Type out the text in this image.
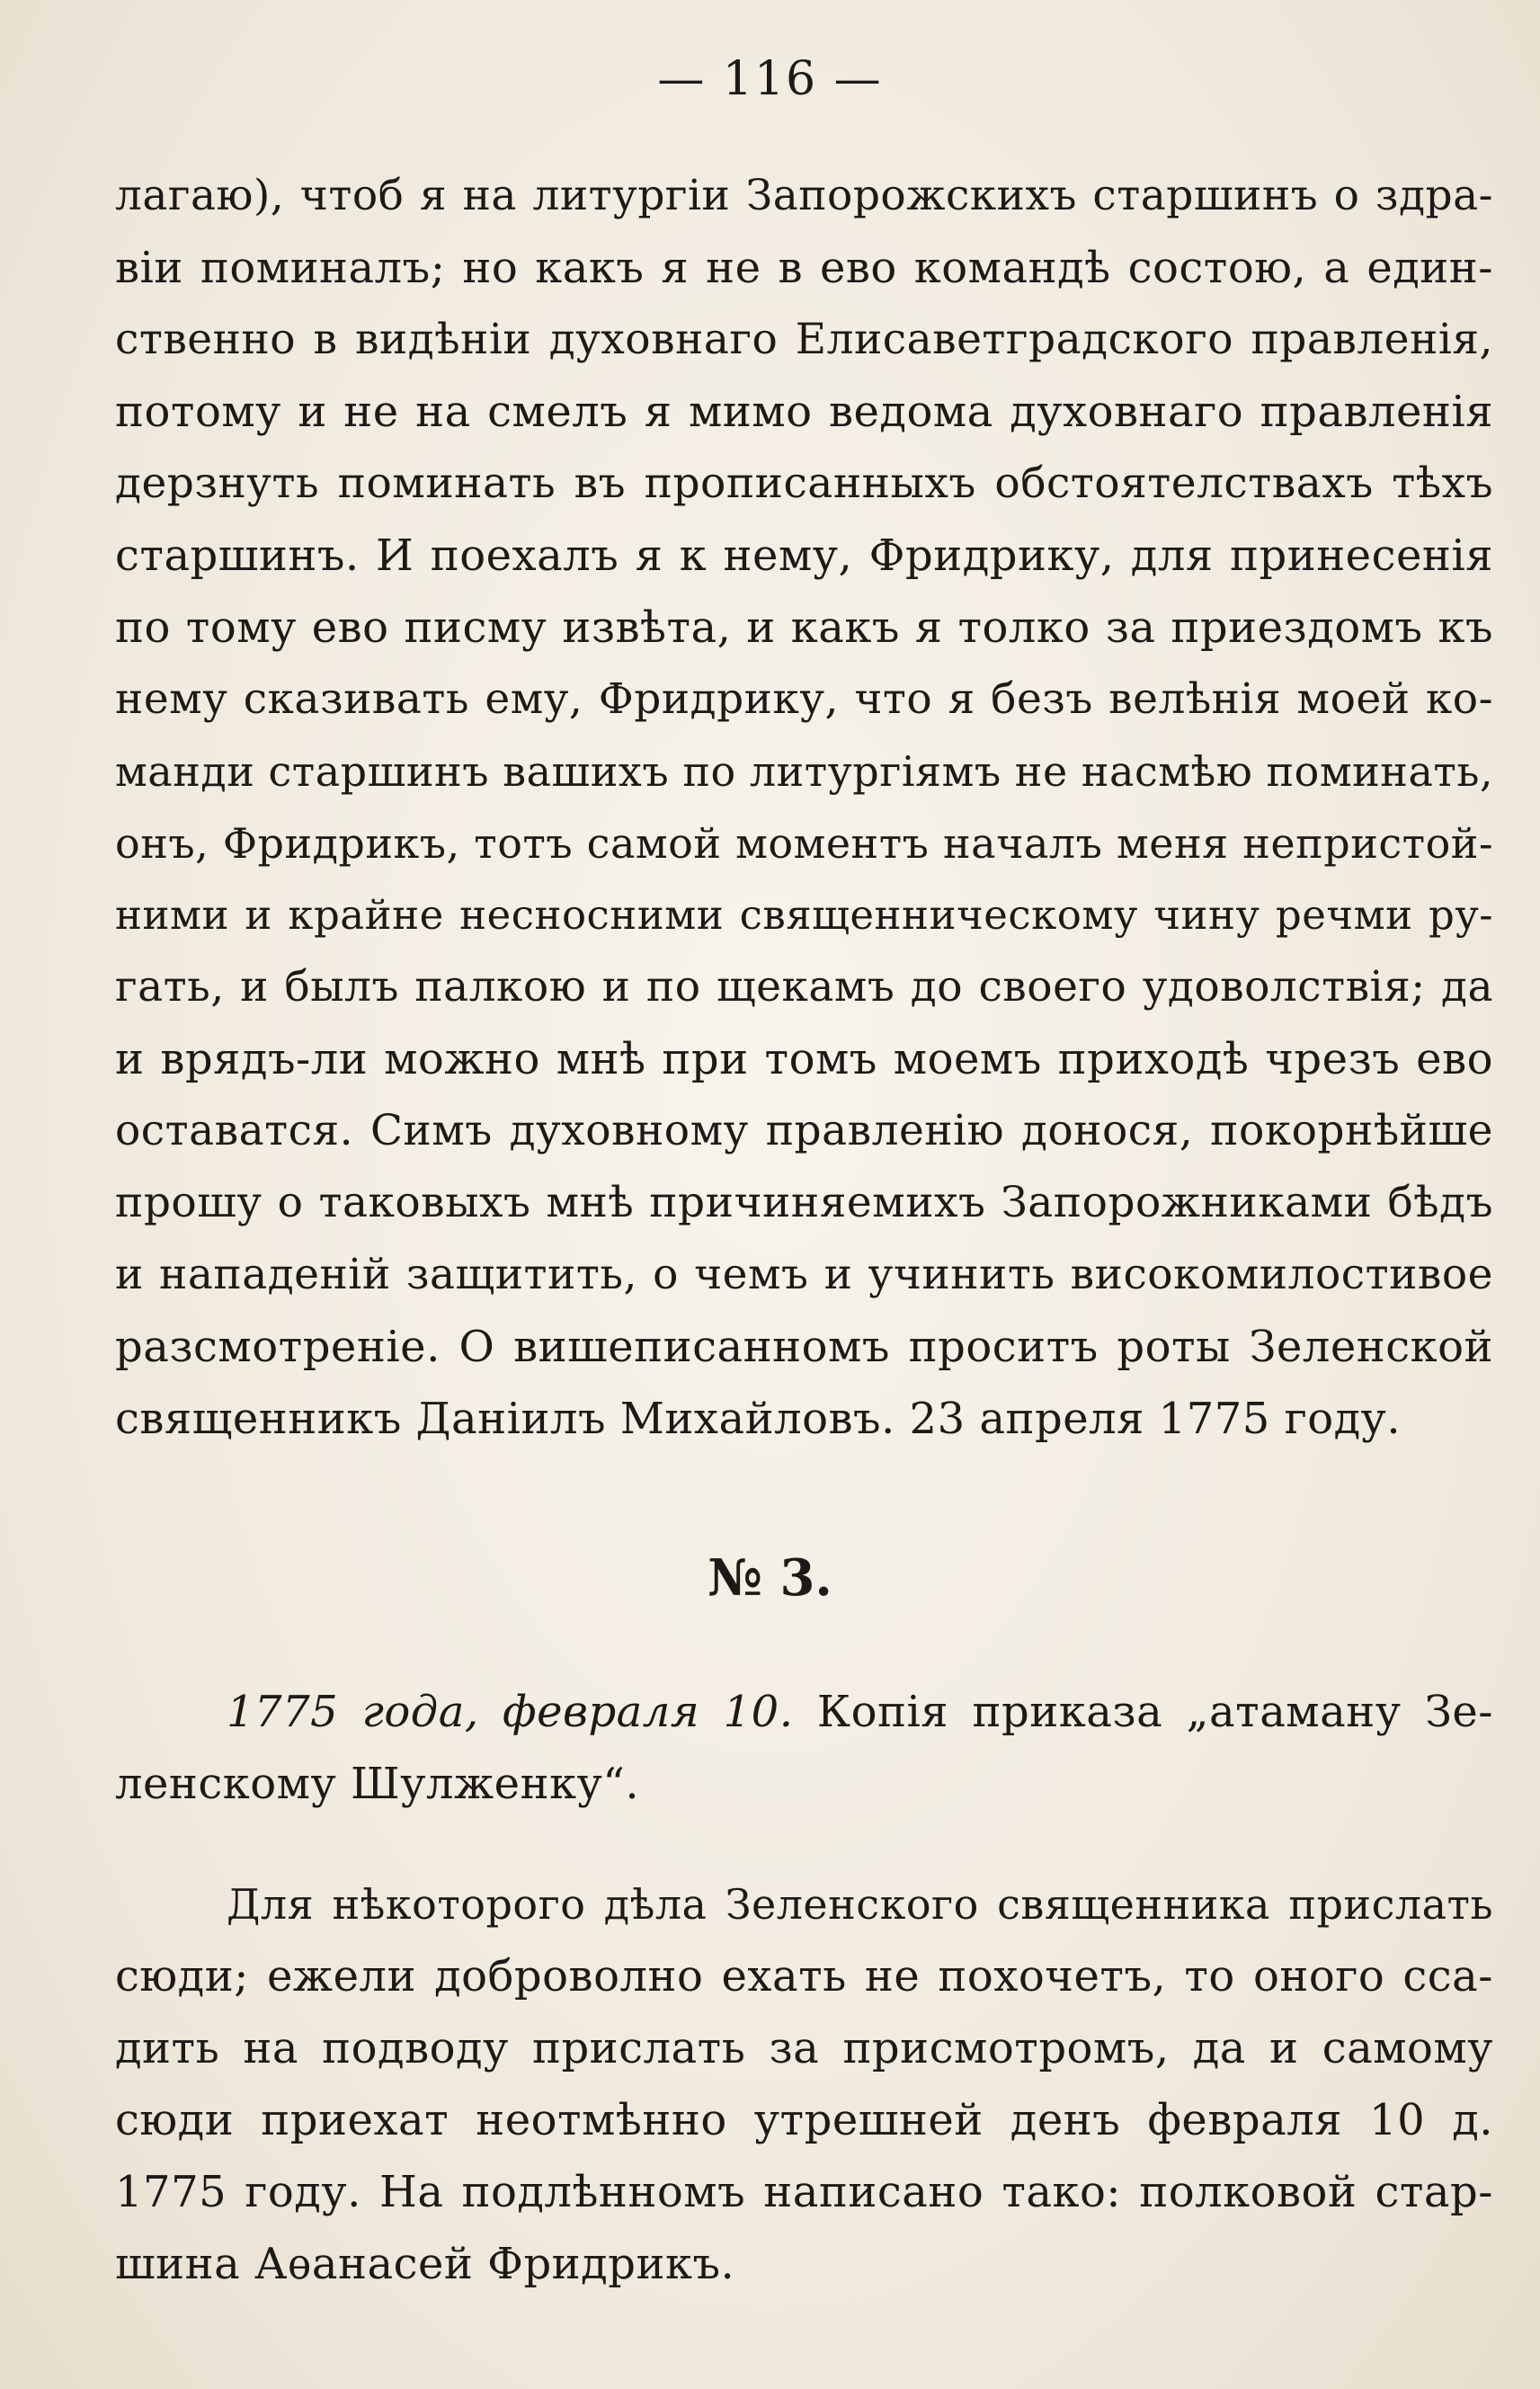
— 116 —
лагаю), чтоб я на литургіи Запорожскихъ старшинъ о здра-
віи поминалъ; но какъ я не в ево командѣ состою, а един-
ственно в видѣніи духовнаго Елисаветградского правленія,
потому и не на смелъ я мимо ведома духовнаго правленія
дерзнуть поминать въ прописанныхъ обстоятелствахъ тѣхъ
старшинъ. И поехалъ я к нему, Фридрику, для принесенія
по тому ево писму извѣта, и какъ я толко за приездомъ къ
нему сказивать ему, Фридрику, что я безъ велѣнія моей ко-
манди старшинъ вашихъ по литургіямъ не насмѣю поминать,
онъ, Фридрикъ, тотъ самой моментъ началъ меня непристой-
ними и крайне несносними священническому чину речми ру-
гать, и былъ палкою и по щекамъ до своего удоволствія; да
и врядъ-ли можно мнѣ при томъ моемъ приходѣ чрезъ ево
оставатся. Симъ духовному правленію донося, покорнѣйше
прошу о таковыхъ мнѣ причиняемихъ Запорожниками бѣдъ
и нападеній защитить, о чемъ и учинить високомилостивое
разсмотреніе. О вишеписанномъ проситъ роты Зеленской
священникъ Даніилъ Михайловъ. 23 апреля 1775 году.
№ 3.
1775 года, февраля 10. Копія приказа „атаману Зе-
ленскому Шулженку“.
Для нѣкоторого дѣла Зеленского священника прислать
сюди; ежели доброволно ехать не похочетъ, то оного сса-
дить на подводу прислать за присмотромъ, да и самому
сюди приехат неотмѣнно утрешней денъ февраля 10 д.
1775 году. На подлѣнномъ написано тако: полковой стар-
шина Аѳанасей Фридрикъ.
